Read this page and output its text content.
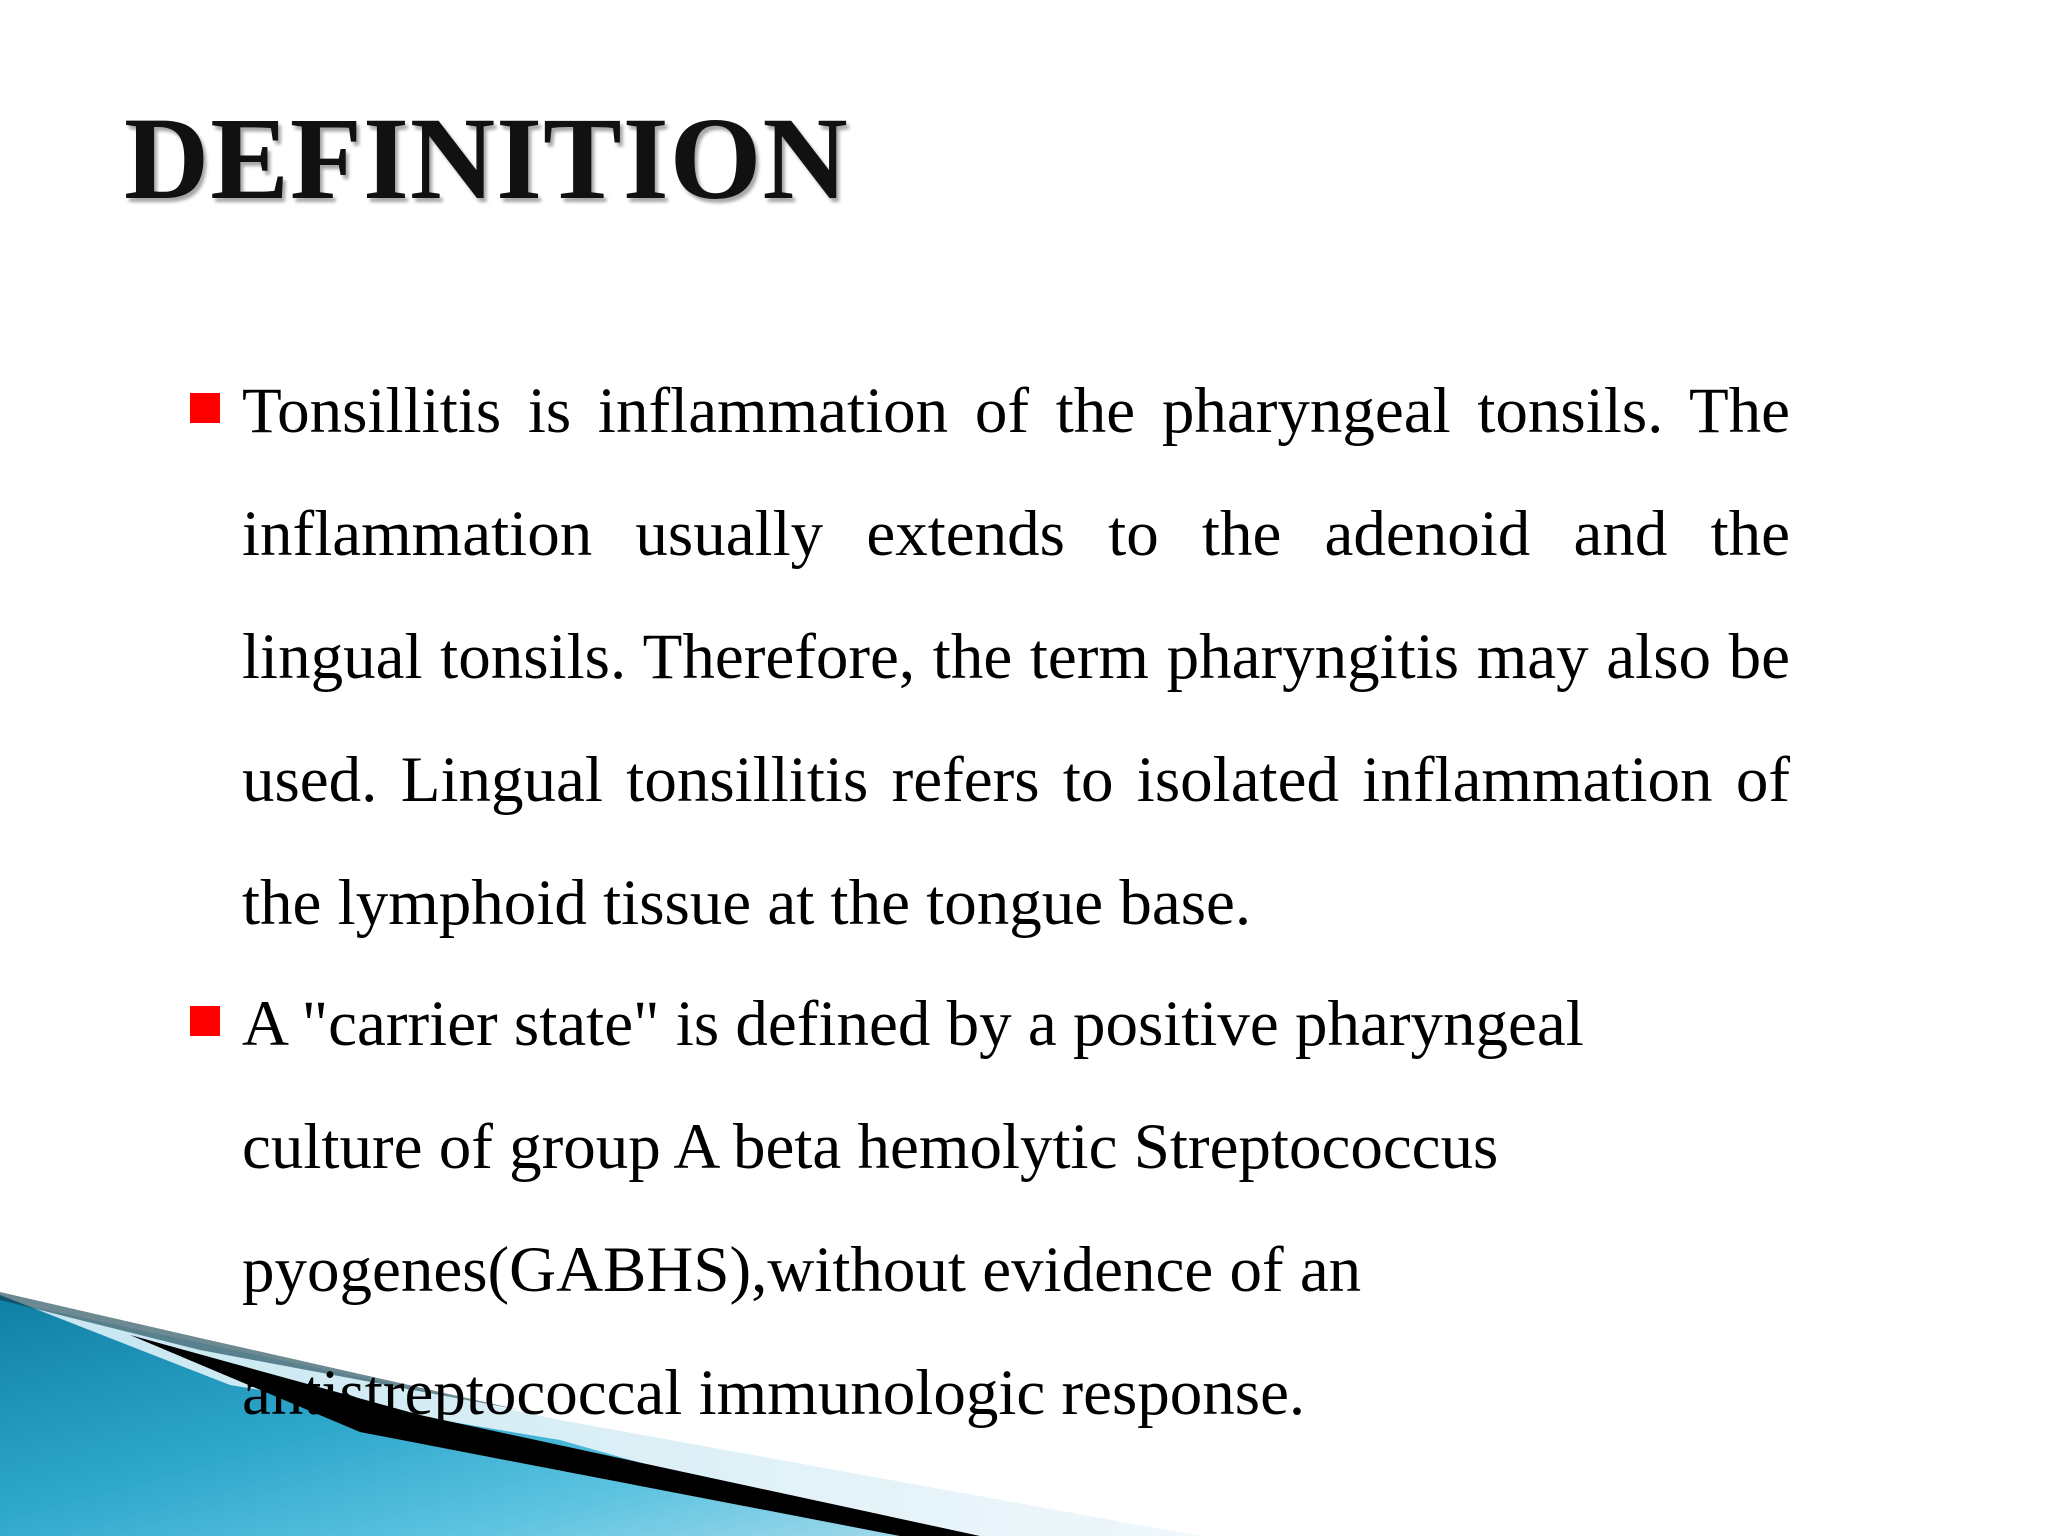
DEFINITION
Tonsillitis is inflammation of the pharyngeal tonsils. The inflammation usually extends to the adenoid and the lingual tonsils. Therefore, the term pharyngitis may also be used. Lingual tonsillitis refers to isolated inflammation of the lymphoid tissue at the tongue base.
A "carrier state" is defined by a positive pharyngeal culture of group A beta hemolytic Streptococcus pyogenes(GABHS),without evidence of an antistreptococcal immunologic response.
